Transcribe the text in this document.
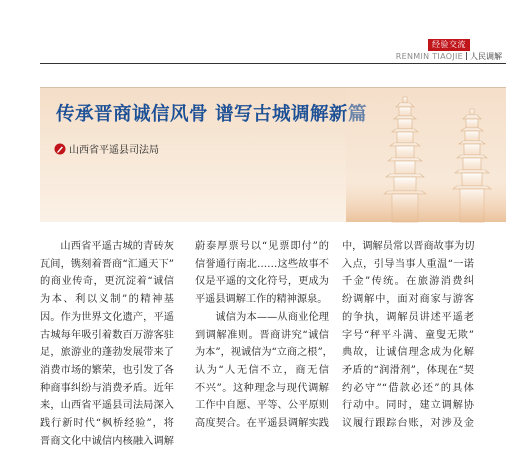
经验交流
RENMIN TIAOJIE 人民调解
传承晋商诚信风骨 谱写古城调解新篇
山西省平遥县司法局
山西省平遥古城的青砖灰
瓦间，镌刻着晋商“汇通天下”
的商业传奇，更沉淀着“诚信
为本、利以义制”的精神基
因。作为世界文化遗产，平遥
古城每年吸引着数百万游客驻
足，旅游业的蓬勃发展带来了
消费市场的繁荣，也引发了各
种商事纠纷与消费矛盾。近年
来，山西省平遥县司法局深入
践行新时代“枫桥经验”，将
晋商文化中诚信内核融入调解
蔚泰厚票号以“见票即付”的
信誉通行南北……这些故事不
仅是平遥的文化符号，更成为
平遥县调解工作的精神源泉。
诚信为本——从商业伦理
到调解准则。晋商讲究“诚信
为本”，视诚信为“立商之根”，
认为“人无信不立，商无信
不兴”。这种理念与现代调解
工作中自愿、平等、公平原则
高度契合。在平遥县调解实践
中，调解员常以晋商故事为切
入点，引导当事人重温“一诺
千金”传统。在旅游消费纠
纷调解中，面对商家与游客
的争执，调解员讲述平遥老
字号“秤平斗满、童叟无欺”
典故，让诚信理念成为化解
矛盾的“润滑剂”，体现在“契
约必守”“借款必还”的具体
行动中。同时，建立调解协
议履行跟踪台账，对涉及金
